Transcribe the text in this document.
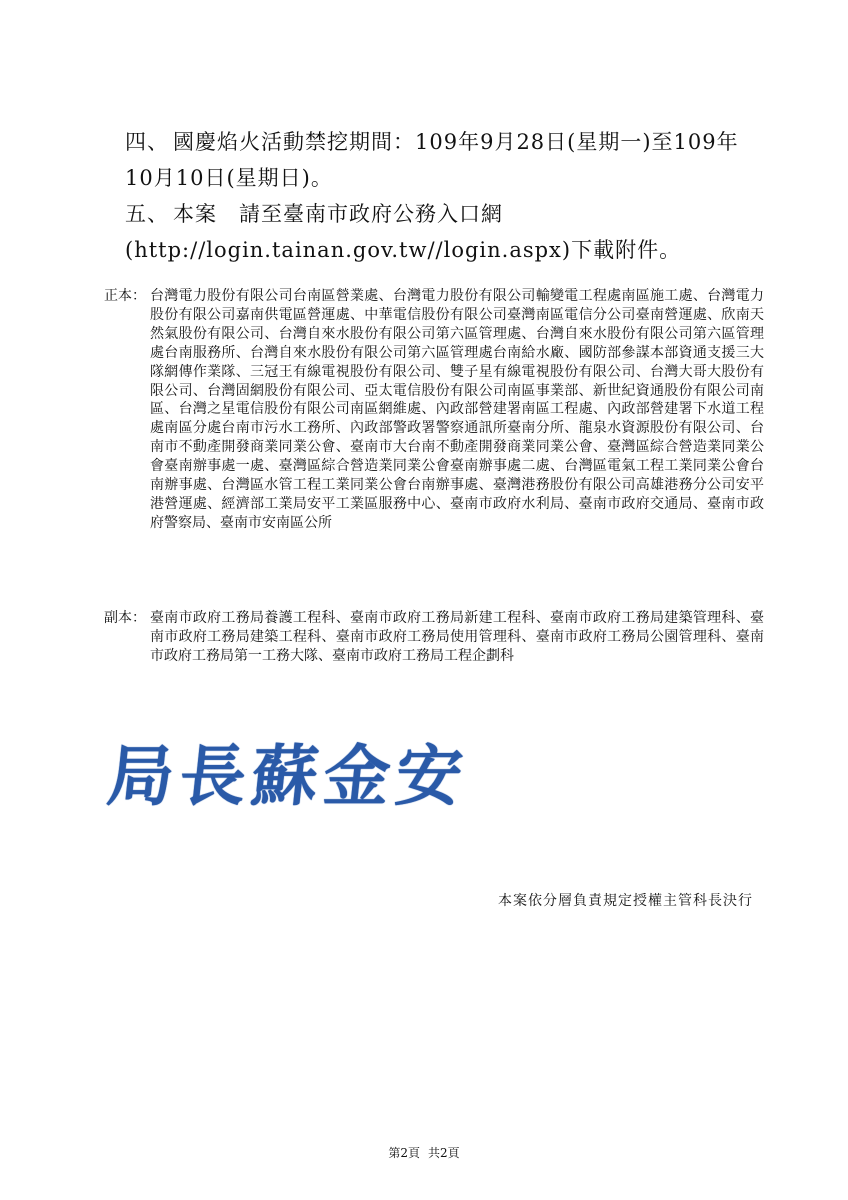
四、 國慶焰火活動禁挖期間：109年9月28日(星期一)至109年10月10日(星期日)。
五、 本案　請至臺南市政府公務入口網(http://login.tainan.gov.tw//login.aspx)下載附件。
正本： 台灣電力股份有限公司台南區營業處、台灣電力股份有限公司輸變電工程處南區施工處、台灣電力股份有限公司嘉南供電區營運處、中華電信股份有限公司臺灣南區電信分公司臺南營運處、欣南天然氣股份有限公司、台灣自來水股份有限公司第六區管理處、台灣自來水股份有限公司第六區管理處台南服務所、台灣自來水股份有限公司第六區管理處台南給水廠、國防部參謀本部資通支援三大隊網傳作業隊、三冠王有線電視股份有限公司、雙子星有線電視股份有限公司、台灣大哥大股份有限公司、台灣固網股份有限公司、亞太電信股份有限公司南區事業部、新世紀資通股份有限公司南區、台灣之星電信股份有限公司南區網維處、內政部營建署南區工程處、內政部營建署下水道工程處南區分處台南市污水工務所、內政部警政署警察通訊所臺南分所、龍泉水資源股份有限公司、台南市不動產開發商業同業公會、臺南市大台南不動產開發商業同業公會、臺灣區綜合營造業同業公會臺南辦事處一處、臺灣區綜合營造業同業公會臺南辦事處二處、台灣區電氣工程工業同業公會台南辦事處、台灣區水管工程工業同業公會台南辦事處、臺灣港務股份有限公司高雄港務分公司安平港營運處、經濟部工業局安平工業區服務中心、臺南市政府水利局、臺南市政府交通局、臺南市政府警察局、臺南市安南區公所
副本： 臺南市政府工務局養護工程科、臺南市政府工務局新建工程科、臺南市政府工務局建築管理科、臺南市政府工務局建築工程科、臺南市政府工務局使用管理科、臺南市政府工務局公園管理科、臺南市政府工務局第一工務大隊、臺南市政府工務局工程企劃科
局長蘇金安
本案依分層負責規定授權主管科長決行
第2頁 共2頁
